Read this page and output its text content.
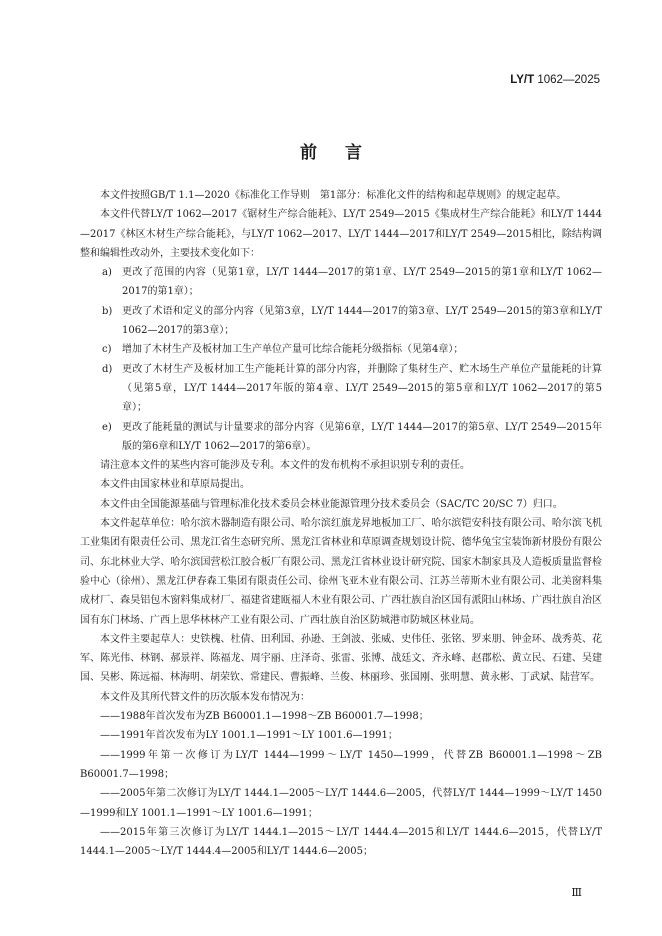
LY/T 1062—2025
前言

本文件按照GB/T 1.1—2020《标准化工作导则　第1部分：标准化文件的结构和起草规则》的规定起草。

本文件代替LY/T 1062—2017《锯材生产综合能耗》、LY/T 2549—2015《集成材生产综合能耗》和LY/T 1444—2017《林区木材生产综合能耗》，与LY/T 1062—2017、LY/T 1444—2017和LY/T 2549—2015相比，除结构调整和编辑性改动外，主要技术变化如下：

a)	更改了范围的内容（见第1章，LY/T 1444—2017的第1章、LY/T 2549—2015的第1章和LY/T 1062—2017的第1章）；
b) 更改了术语和定义的部分内容（见第3章，LY/T 1444—2017的第3章、LY/T 2549—2015的第3章和LY/T 1062—2017的第3章）；
c)	增加了木材生产及板材加工生产单位产量可比综合能耗分级指标（见第4章）；
d) 更改了木材生产及板材加工生产能耗计算的部分内容，并删除了集材生产、贮木场生产单位产量能耗的计算（见第5章，LY/T 1444—2017年版的第4章、LY/T 2549—2015的第5章和LY/T 1062—2017的第5章）；
e)	更改了能耗量的测试与计量要求的部分内容（见第6章，LY/T 1444—2017的第5章、LY/T 2549—2015年版的第6章和LY/T 1062—2017的第6章）。

请注意本文件的某些内容可能涉及专利。本文件的发布机构不承担识别专利的责任。

本文件由国家林业和草原局提出。

本文件由全国能源基础与管理标准化技术委员会林业能源管理分技术委员会（SAC/TC 20/SC 7）归口。

本文件起草单位：哈尔滨木器制造有限公司、哈尔滨红旗龙昇地板加工厂、哈尔滨铠安科技有限公司、哈尔滨飞机工业集团有限责任公司、黑龙江省生态研究所、黑龙江省林业和草原调查规划设计院、德华兔宝宝装饰新材股份有限公司、东北林业大学、哈尔滨国营松江胶合板厂有限公司、黑龙江省林业设计研究院、国家木制家具及人造板质量监督检验中心（徐州）、黑龙江伊春森工集团有限责任公司、徐州飞亚木业有限公司、江苏兰蒂斯木业有限公司、北美窗料集成材厂、森昊铝包木窗料集成材厂、福建省建瓯福人木业有限公司、广西壮族自治区国有派阳山林场、广西壮族自治区国有东门林场、广西上思华林林产工业有限公司、广西壮族自治区防城港市防城区林业局。

本文件主要起草人：史铁槐、杜倩、田利国、孙逊、王剑波、张威、史伟任、张铭、罗来朋、钟金环、战秀英、花军、陈光伟、林钢、郝景祥、陈福龙、周宇丽、庄泽奇、张雷、张博、战廷文、齐永峰、赵郡松、黄立民、石建、吴建国、吴彬、陈远福、林海明、胡荣钦、常建民、曹振峰、兰俊、林丽珍、张国刚、张明慧、黄永彬、丁武斌、陆营军。

本文件及其所代替文件的历次版本发布情况为：

——1988年首次发布为ZB B60001.1—1998～ZB B60001.7—1998；

——1991年首次发布为LY 1001.1—1991～LY 1001.6—1991；

——1999年第一次修订为LY/T 1444—1999～LY/T 1450—1999，代替ZB B60001.1—1998～ZB B60001.7—1998；

——2005年第二次修订为LY/T 1444.1—2005～LY/T 1444.6—2005，代替LY/T 1444—1999～LY/T 1450—1999和LY 1001.1—1991～LY 1001.6—1991；

——2015年第三次修订为LY/T 1444.1—2015～LY/T 1444.4—2015和LY/T 1444.6—2015，代替LY/T 1444.1—2005～LY/T 1444.4—2005和LY/T 1444.6—2005；

Ⅲ
